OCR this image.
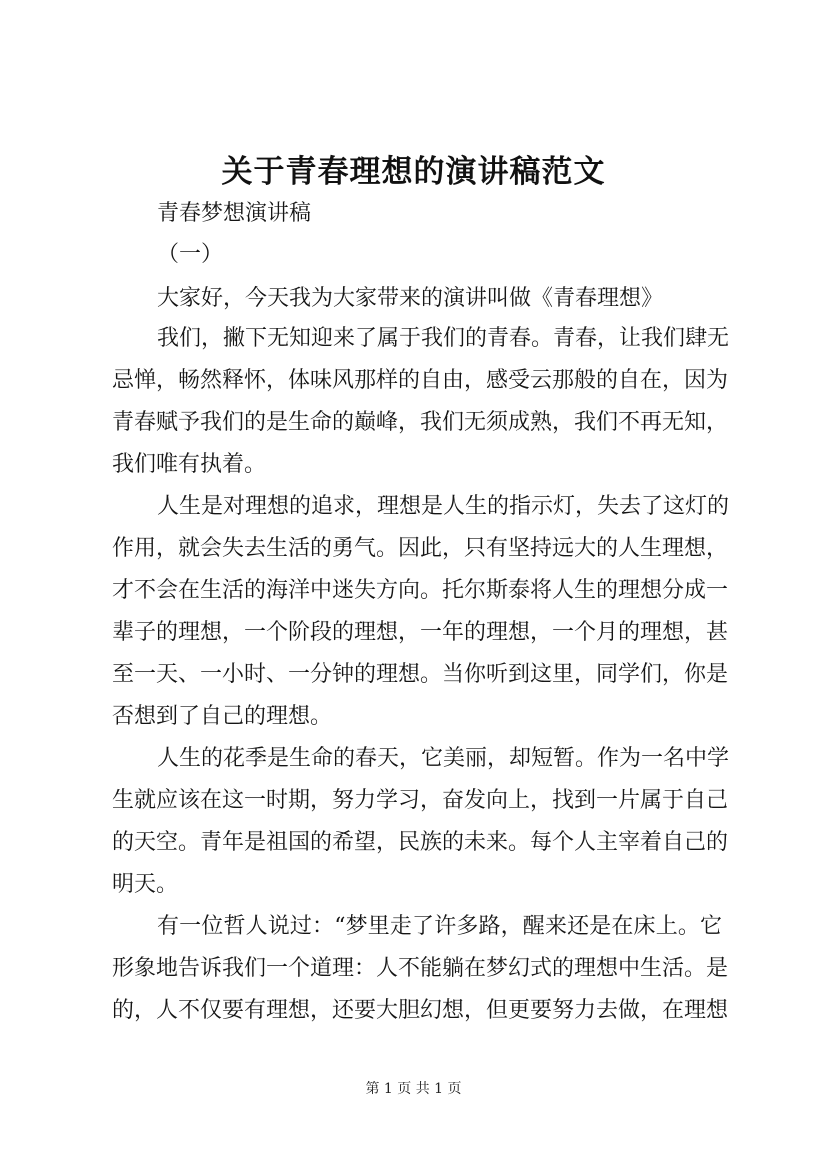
关于青春理想的演讲稿范文
青春梦想演讲稿
（一）
大家好，今天我为大家带来的演讲叫做《青春理想》
我们，撇下无知迎来了属于我们的青春。青春，让我们肆无
忌惮，畅然释怀，体味风那样的自由，感受云那般的自在，因为
青春赋予我们的是生命的巅峰，我们无须成熟，我们不再无知，
我们唯有执着。
人生是对理想的追求，理想是人生的指示灯，失去了这灯的
作用，就会失去生活的勇气。因此，只有坚持远大的人生理想，
才不会在生活的海洋中迷失方向。托尔斯泰将人生的理想分成一
辈子的理想，一个阶段的理想，一年的理想，一个月的理想，甚
至一天、一小时、一分钟的理想。当你听到这里，同学们，你是
否想到了自己的理想。
人生的花季是生命的春天，它美丽，却短暂。作为一名中学
生就应该在这一时期，努力学习，奋发向上，找到一片属于自己
的天空。青年是祖国的希望，民族的未来。每个人主宰着自己的
明天。
有一位哲人说过：“梦里走了许多路，醒来还是在床上。它
形象地告诉我们一个道理：人不能躺在梦幻式的理想中生活。是
的，人不仅要有理想，还要大胆幻想，但更要努力去做，在理想
第 1 页 共 1 页
